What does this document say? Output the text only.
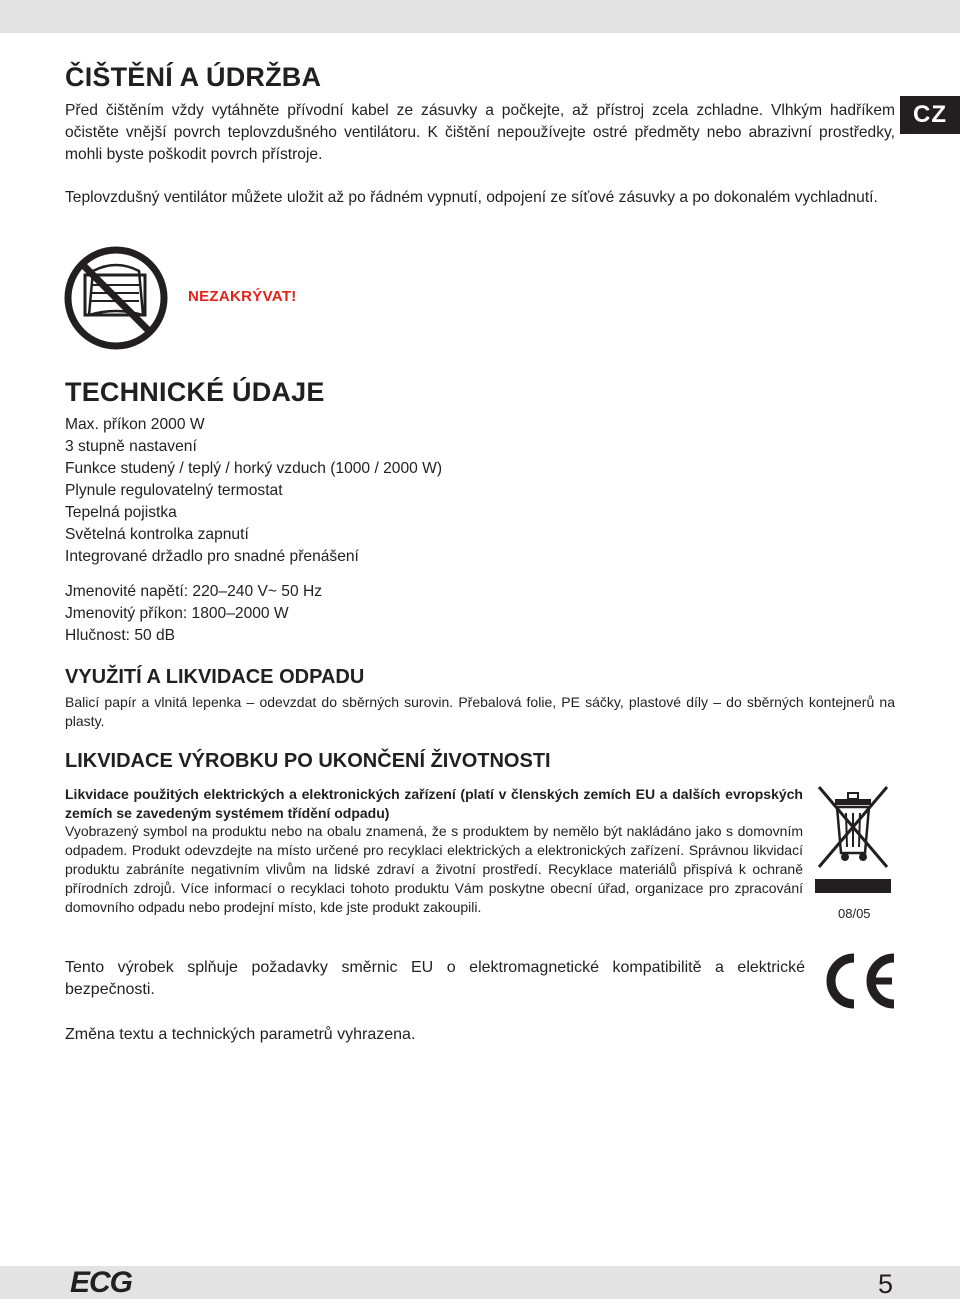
CZ
ČIŠTĚNÍ A ÚDRŽBA

Před čištěním vždy vytáhněte přívodní kabel ze zásuvky a počkejte, až přístroj zcela zchladne. Vlhkým hadříkem očistěte vnější povrch teplovzdušného ventilátoru. K čištění nepoužívejte ostré předměty nebo abrazivní prostředky, mohli byste poškodit povrch přístroje.

Teplovzdušný ventilátor můžete uložit až po řádném vypnutí, odpojení ze síťové zásuvky a po dokonalém vychladnutí.

NEZAKRÝVAT!
TECHNICKÉ ÚDAJE
Max. příkon 2000 W
3 stupně nastavení
Funkce studený / teplý / horký vzduch (1000 / 2000 W)
Plynule regulovatelný termostat
Tepelná pojistka
Světelná kontrolka zapnutí
Integrované držadlo pro snadné přenášení
Jmenovité napětí: 220–240 V~ 50 Hz
Jmenovitý příkon: 1800–2000 W
Hlučnost: 50 dB
VYUŽITÍ A LIKVIDACE ODPADU

Balicí papír a vlnitá lepenka – odevzdat do sběrných surovin. Přebalová folie, PE sáčky, plastové díly – do sběrných kontejnerů na plasty.

LIKVIDACE VÝROBKU PO UKONČENÍ ŽIVOTNOSTI

Likvidace použitých elektrických a elektronických zařízení (platí v členských zemích EU a dalších evropských zemích se zavedeným systémem třídění odpadu)

Vyobrazený symbol na produktu nebo na obalu znamená, že s produktem by nemělo být nakládáno jako s domovním odpadem. Produkt odevzdejte na místo určené pro recyklaci elektrických a elektronických zařízení. Správnou likvidací produktu zabráníte negativním vlivům na lidské zdraví a životní prostředí. Recyklace materiálů přispívá k ochraně přírodních zdrojů. Více informací o recyklaci tohoto produktu Vám poskytne obecní úřad, organizace pro zpracování domovního odpadu nebo prodejní místo, kde jste produkt zakoupili.	08/05

Tento výrobek splňuje požadavky směrnic EU o elektromagnetické kompatibilitě a elektrické bezpečnosti.

Změna textu a technických parametrů vyhrazena.

ECG	5
